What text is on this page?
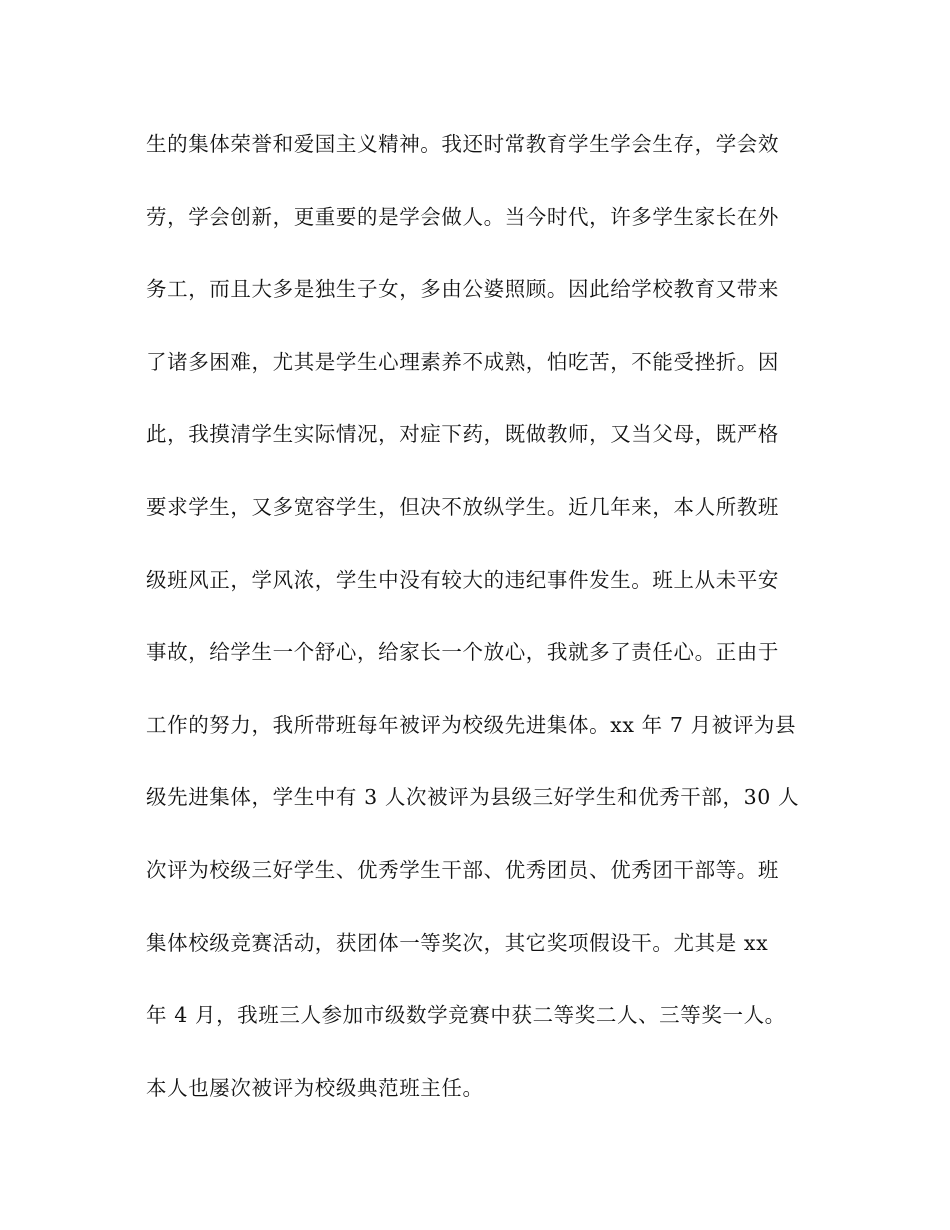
生的集体荣誉和爱国主义精神。我还时常教育学生学会生存，学会效
劳，学会创新，更重要的是学会做人。当今时代，许多学生家长在外
务工，而且大多是独生子女，多由公婆照顾。因此给学校教育又带来
了诸多困难，尤其是学生心理素养不成熟，怕吃苦，不能受挫折。因
此，我摸清学生实际情况，对症下药，既做教师，又当父母，既严格
要求学生，又多宽容学生，但决不放纵学生。近几年来，本人所教班
级班风正，学风浓，学生中没有较大的违纪事件发生。班上从未平安
事故，给学生一个舒心，给家长一个放心，我就多了责任心。正由于
工作的努力，我所带班每年被评为校级先进集体。xx 年 7 月被评为县
级先进集体，学生中有 3 人次被评为县级三好学生和优秀干部，30 人
次评为校级三好学生、优秀学生干部、优秀团员、优秀团干部等。班
集体校级竞赛活动，获团体一等奖次，其它奖项假设干。尤其是 xx
年 4 月，我班三人参加市级数学竞赛中获二等奖二人、三等奖一人。
本人也屡次被评为校级典范班主任。
